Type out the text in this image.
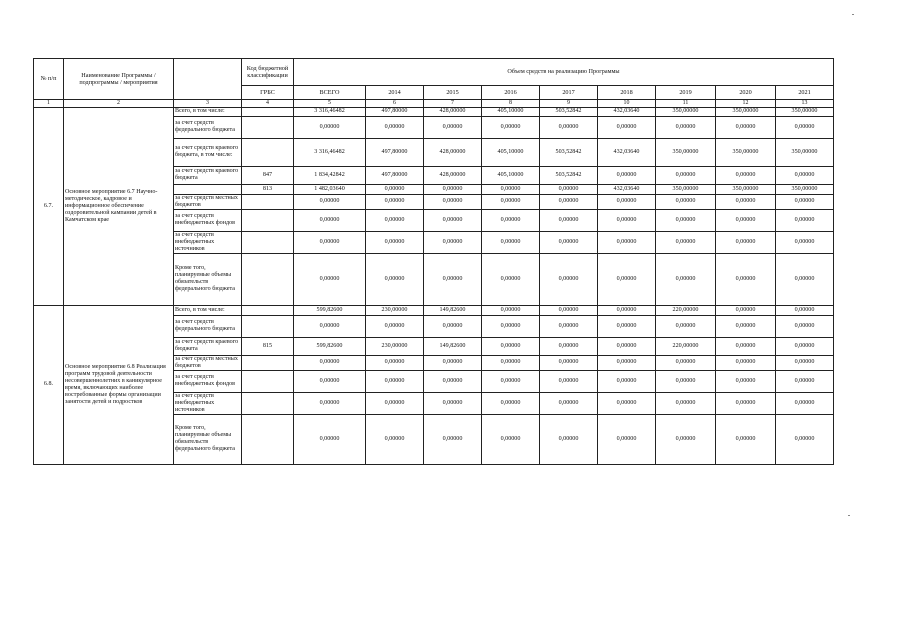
№ п/п	Наименование Программы / подпрограммы / мероприятия		Код бюджетной классификации	Объем средств на реализацию Программы								
			ГРБС	ВСЕГО	2014	2015	2016	2017	2018	2019	2020	2021
1	2	3	4	5	6	7	8	9	10	11	12	13
6.7.	Основное мероприятие 6.7 Научно-методическое, кадровое и информационное обеспечение оздоровительной кампании детей в Камчатском крае	Всего, в том числе:		3 316,46482	497,80000	428,00000	405,10000	503,52842	432,03640	350,00000	350,00000	350,00000
		за счет средств федерального бюджета		0,00000	0,00000	0,00000	0,00000	0,00000	0,00000	0,00000	0,00000	0,00000
		за счет средств краевого бюджета, в том числе:		3 316,46482	497,80000	428,00000	405,10000	503,52842	432,03640	350,00000	350,00000	350,00000
		за счет средств краевого бюджета	847	1 834,42842	497,80000	428,00000	405,10000	503,52842	0,00000	0,00000	0,00000	0,00000
			813	1 482,03640	0,00000	0,00000	0,00000	0,00000	432,03640	350,00000	350,00000	350,00000
		за счет средств местных бюджетов		0,00000	0,00000	0,00000	0,00000	0,00000	0,00000	0,00000	0,00000	0,00000
		за счет средств внебюджетных фондов		0,00000	0,00000	0,00000	0,00000	0,00000	0,00000	0,00000	0,00000	0,00000
		за счет средств внебюджетных источников		0,00000	0,00000	0,00000	0,00000	0,00000	0,00000	0,00000	0,00000	0,00000
		Кроме того, планируемые объемы обязательств федерального бюджета		0,00000	0,00000	0,00000	0,00000	0,00000	0,00000	0,00000	0,00000	0,00000
6.8.	Основное мероприятие 6.8 Реализация программ трудовой деятельности несовершеннолетних в каникулярное время, включающих наиболее востребованные формы организации занятости детей и подростков	Всего, в том числе:		599,82600	230,00000	149,82600	0,00000	0,00000	0,00000	220,00000	0,00000	0,00000
		за счет средств федерального бюджета		0,00000	0,00000	0,00000	0,00000	0,00000	0,00000	0,00000	0,00000	0,00000
		за счет средств краевого бюджета	815	599,82600	230,00000	149,82600	0,00000	0,00000	0,00000	220,00000	0,00000	0,00000
		за счет средств местных бюджетов		0,00000	0,00000	0,00000	0,00000	0,00000	0,00000	0,00000	0,00000	0,00000
		за счет средств внебюджетных фондов		0,00000	0,00000	0,00000	0,00000	0,00000	0,00000	0,00000	0,00000	0,00000
		за счет средств внебюджетных источников		0,00000	0,00000	0,00000	0,00000	0,00000	0,00000	0,00000	0,00000	0,00000
		Кроме того, планируемые объемы обязательств федерального бюджета		0,00000	0,00000	0,00000	0,00000	0,00000	0,00000	0,00000	0,00000	0,00000
